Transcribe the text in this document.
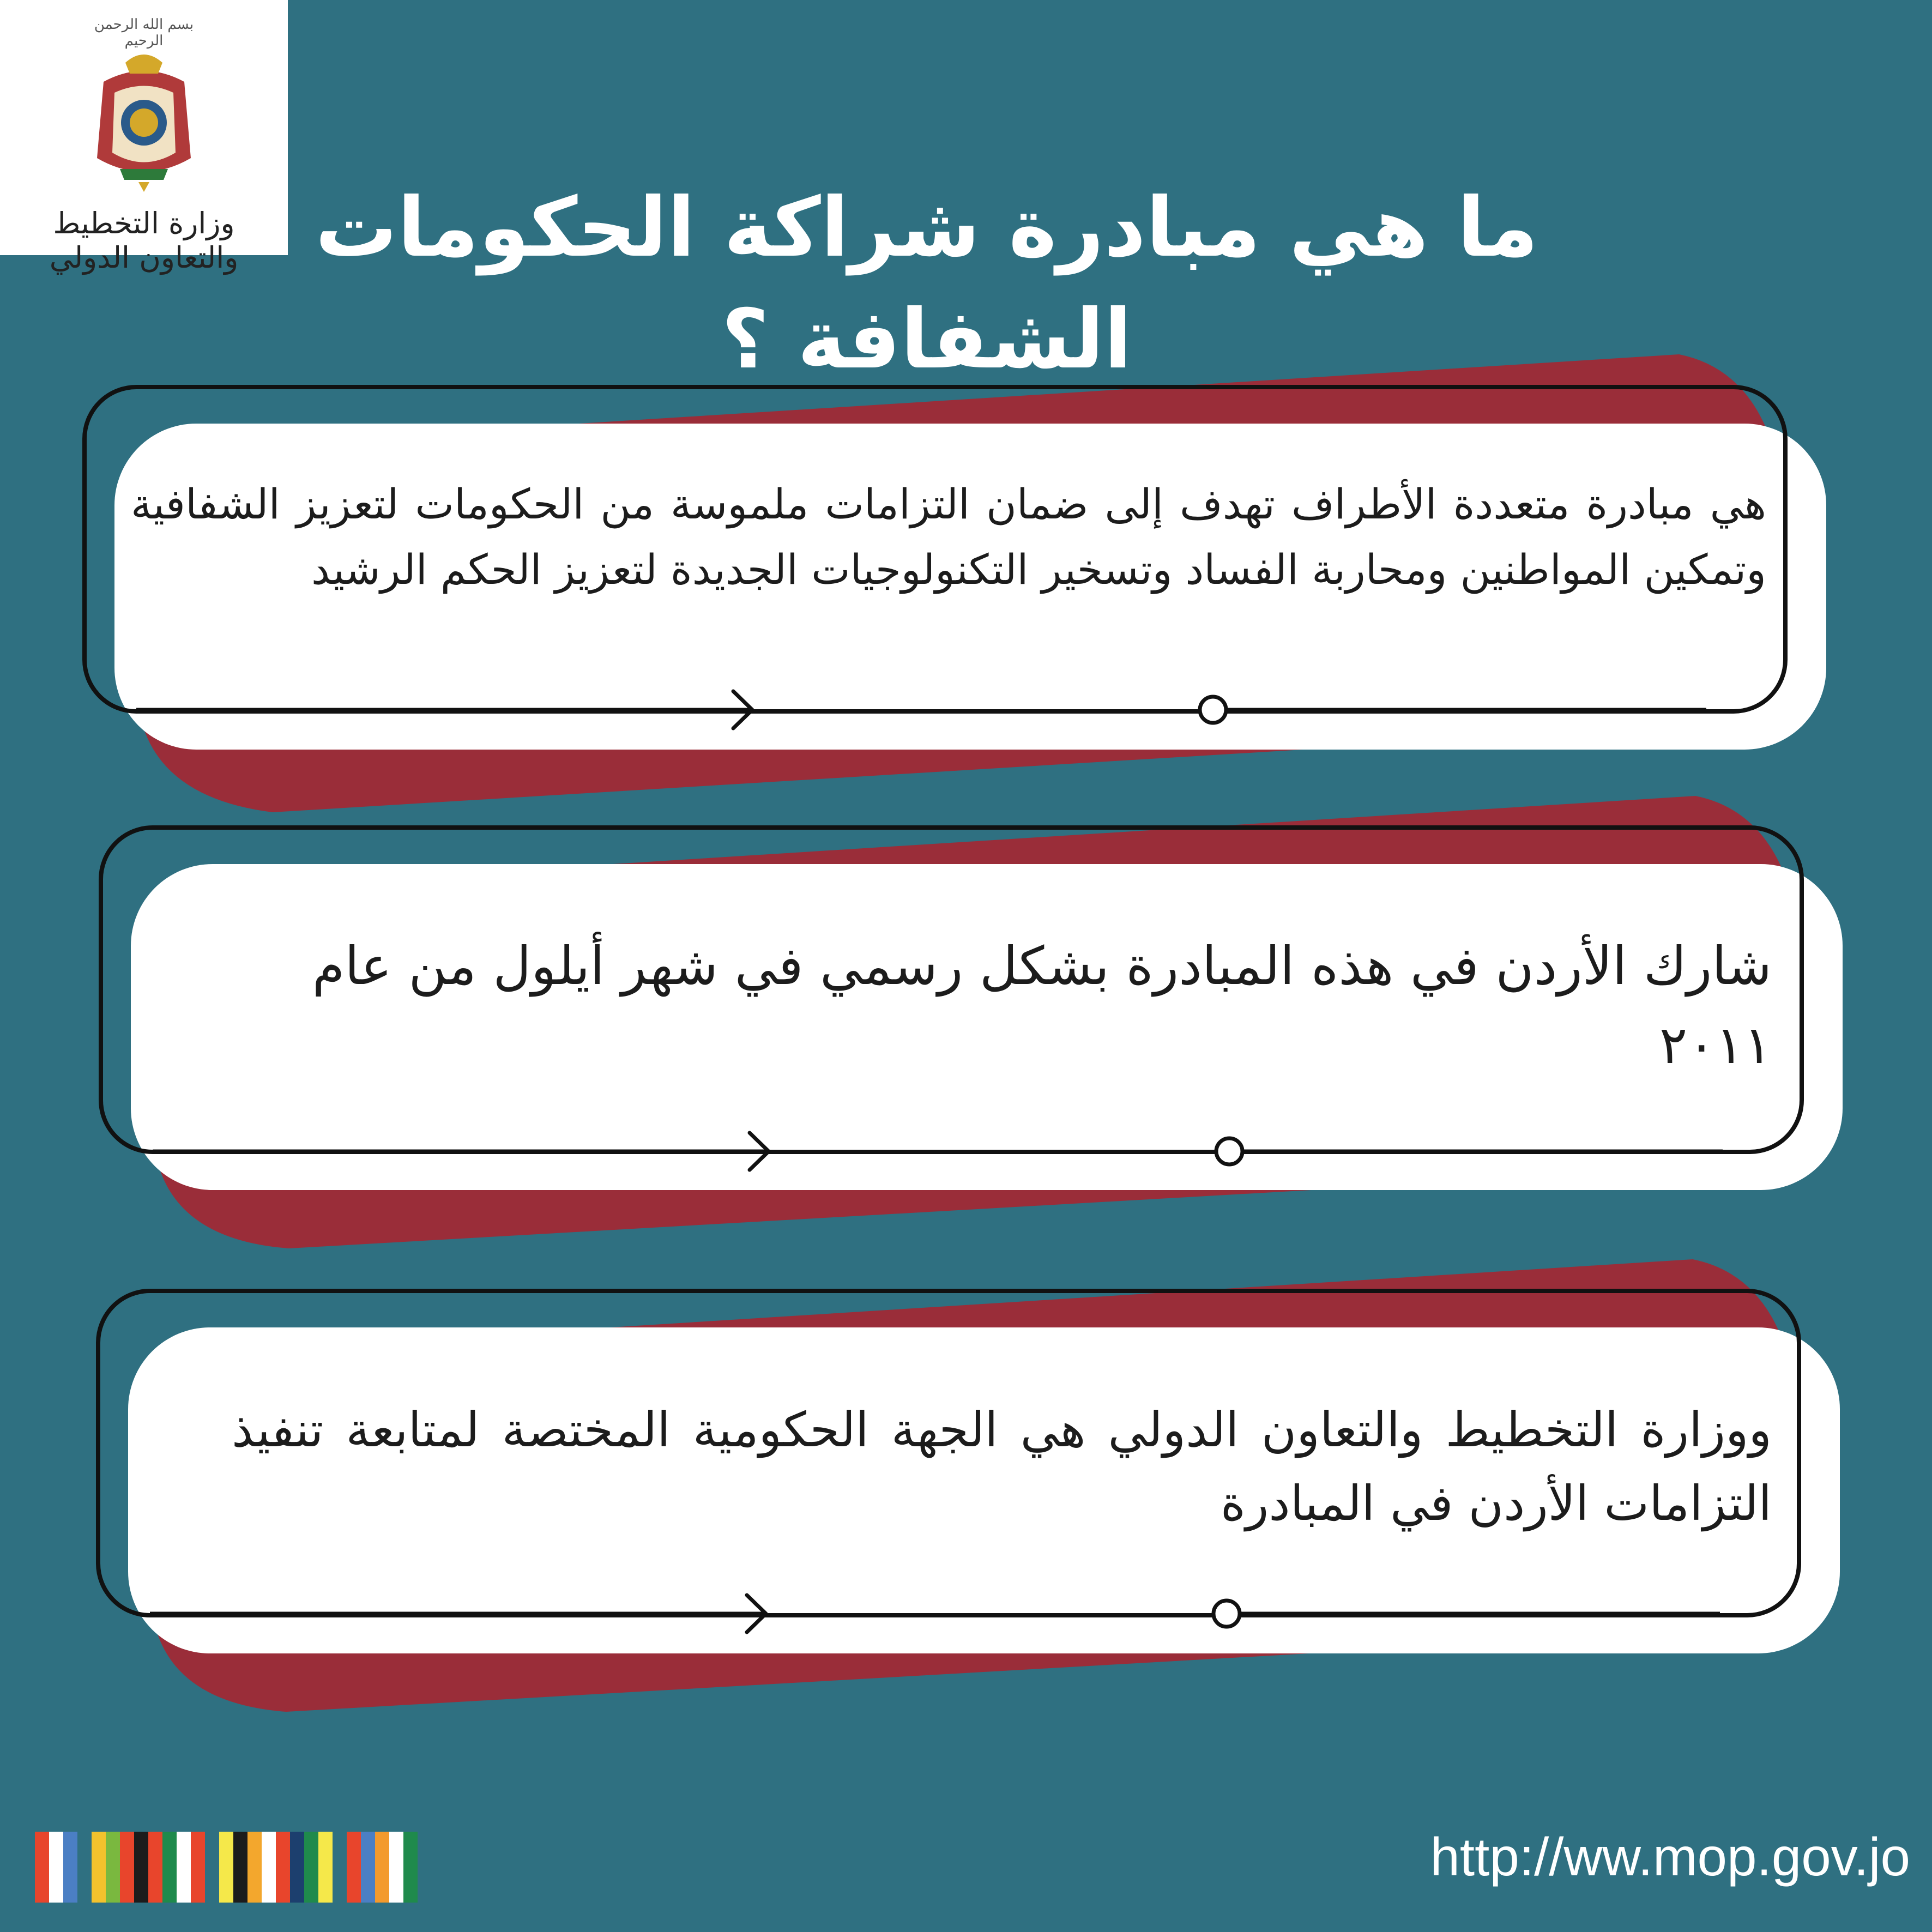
بسم الله الرحمن الرحيم
وزارة التخطيط والتعاون الدولي ما هي مبادرة شراكة الحكومات الشفافة ؟
هي مبادرة متعددة الأطراف تهدف إلى ضمان التزامات ملموسة من الحكومات لتعزيز الشفافية وتمكين المواطنين ومحاربة الفساد وتسخير التكنولوجيات الجديدة لتعزيز الحكم الرشيد
شارك الأردن في هذه المبادرة بشكل رسمي في شهر أيلول من عام ٢٠١١
ووزارة التخطيط والتعاون الدولي هي الجهة الحكومية المختصة لمتابعة تنفيذ التزامات الأردن في المبادرة
http://ww.mop.gov.jo
